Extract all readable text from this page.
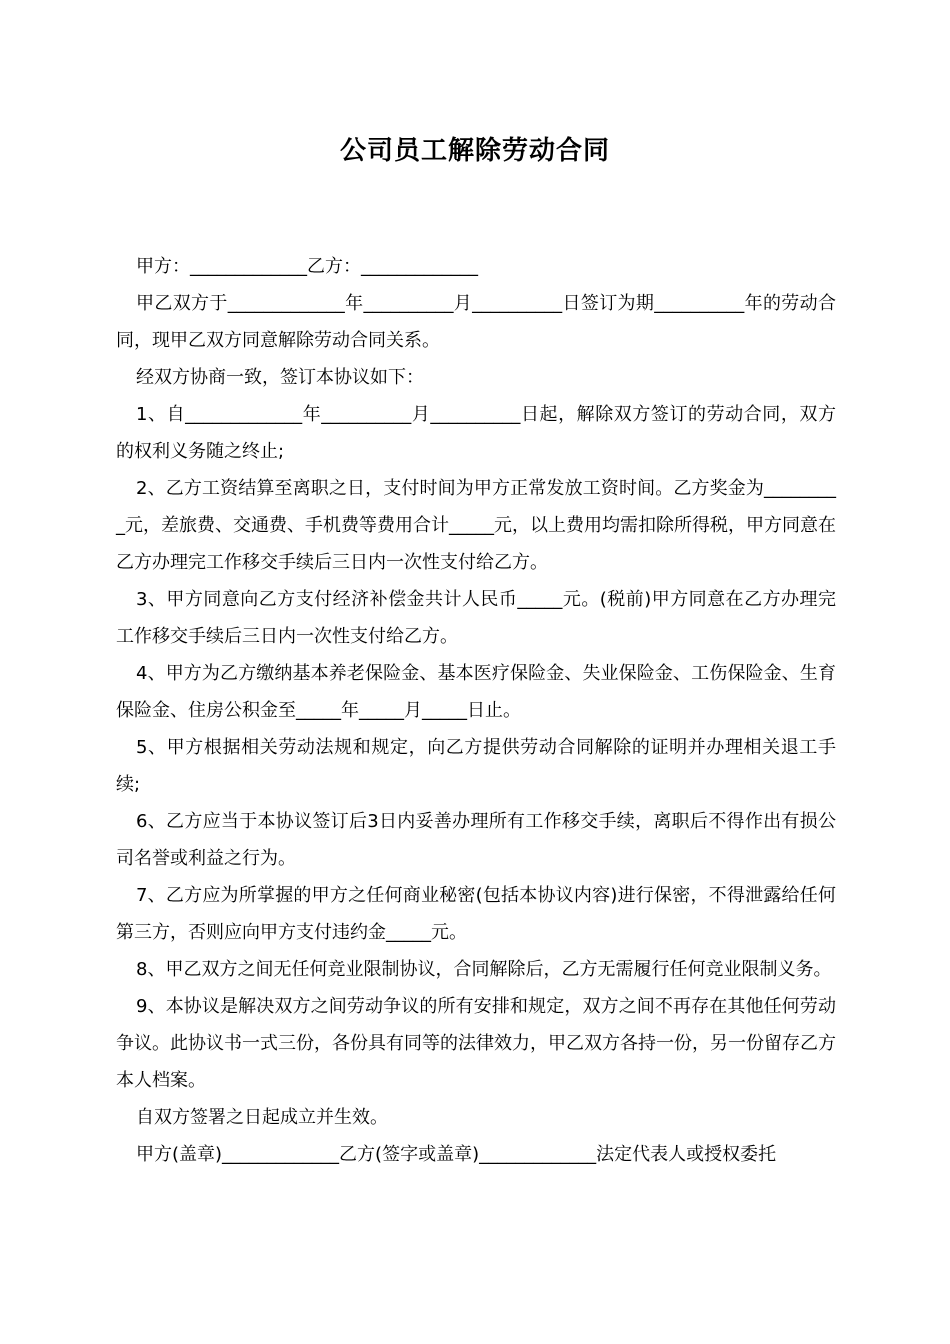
公司员工解除劳动合同

甲方：_____________乙方：_____________

甲乙双方于_____________年__________月__________日签订为期__________年的劳动合同，现甲乙双方同意解除劳动合同关系。

经双方协商一致，签订本协议如下：

1、自_____________年__________月__________日起，解除双方签订的劳动合同，双方的权利义务随之终止;

2、乙方工资结算至离职之日，支付时间为甲方正常发放工资时间。乙方奖金为_________元，差旅费、交通费、手机费等费用合计_____元，以上费用均需扣除所得税，甲方同意在乙方办理完工作移交手续后三日内一次性支付给乙方。

3、甲方同意向乙方支付经济补偿金共计人民币_____元。(税前)甲方同意在乙方办理完工作移交手续后三日内一次性支付给乙方。

4、甲方为乙方缴纳基本养老保险金、基本医疗保险金、失业保险金、工伤保险金、生育保险金、住房公积金至_____年_____月_____日止。

5、甲方根据相关劳动法规和规定，向乙方提供劳动合同解除的证明并办理相关退工手续;

6、乙方应当于本协议签订后3日内妥善办理所有工作移交手续，离职后不得作出有损公司名誉或利益之行为。

7、乙方应为所掌握的甲方之任何商业秘密(包括本协议内容)进行保密，不得泄露给任何第三方，否则应向甲方支付违约金_____元。

8、甲乙双方之间无任何竞业限制协议，合同解除后，乙方无需履行任何竞业限制义务。

9、本协议是解决双方之间劳动争议的所有安排和规定，双方之间不再存在其他任何劳动争议。此协议书一式三份，各份具有同等的法律效力，甲乙双方各持一份，另一份留存乙方本人档案。

自双方签署之日起成立并生效。

甲方(盖章)_____________乙方(签字或盖章)_____________法定代表人或授权委托
